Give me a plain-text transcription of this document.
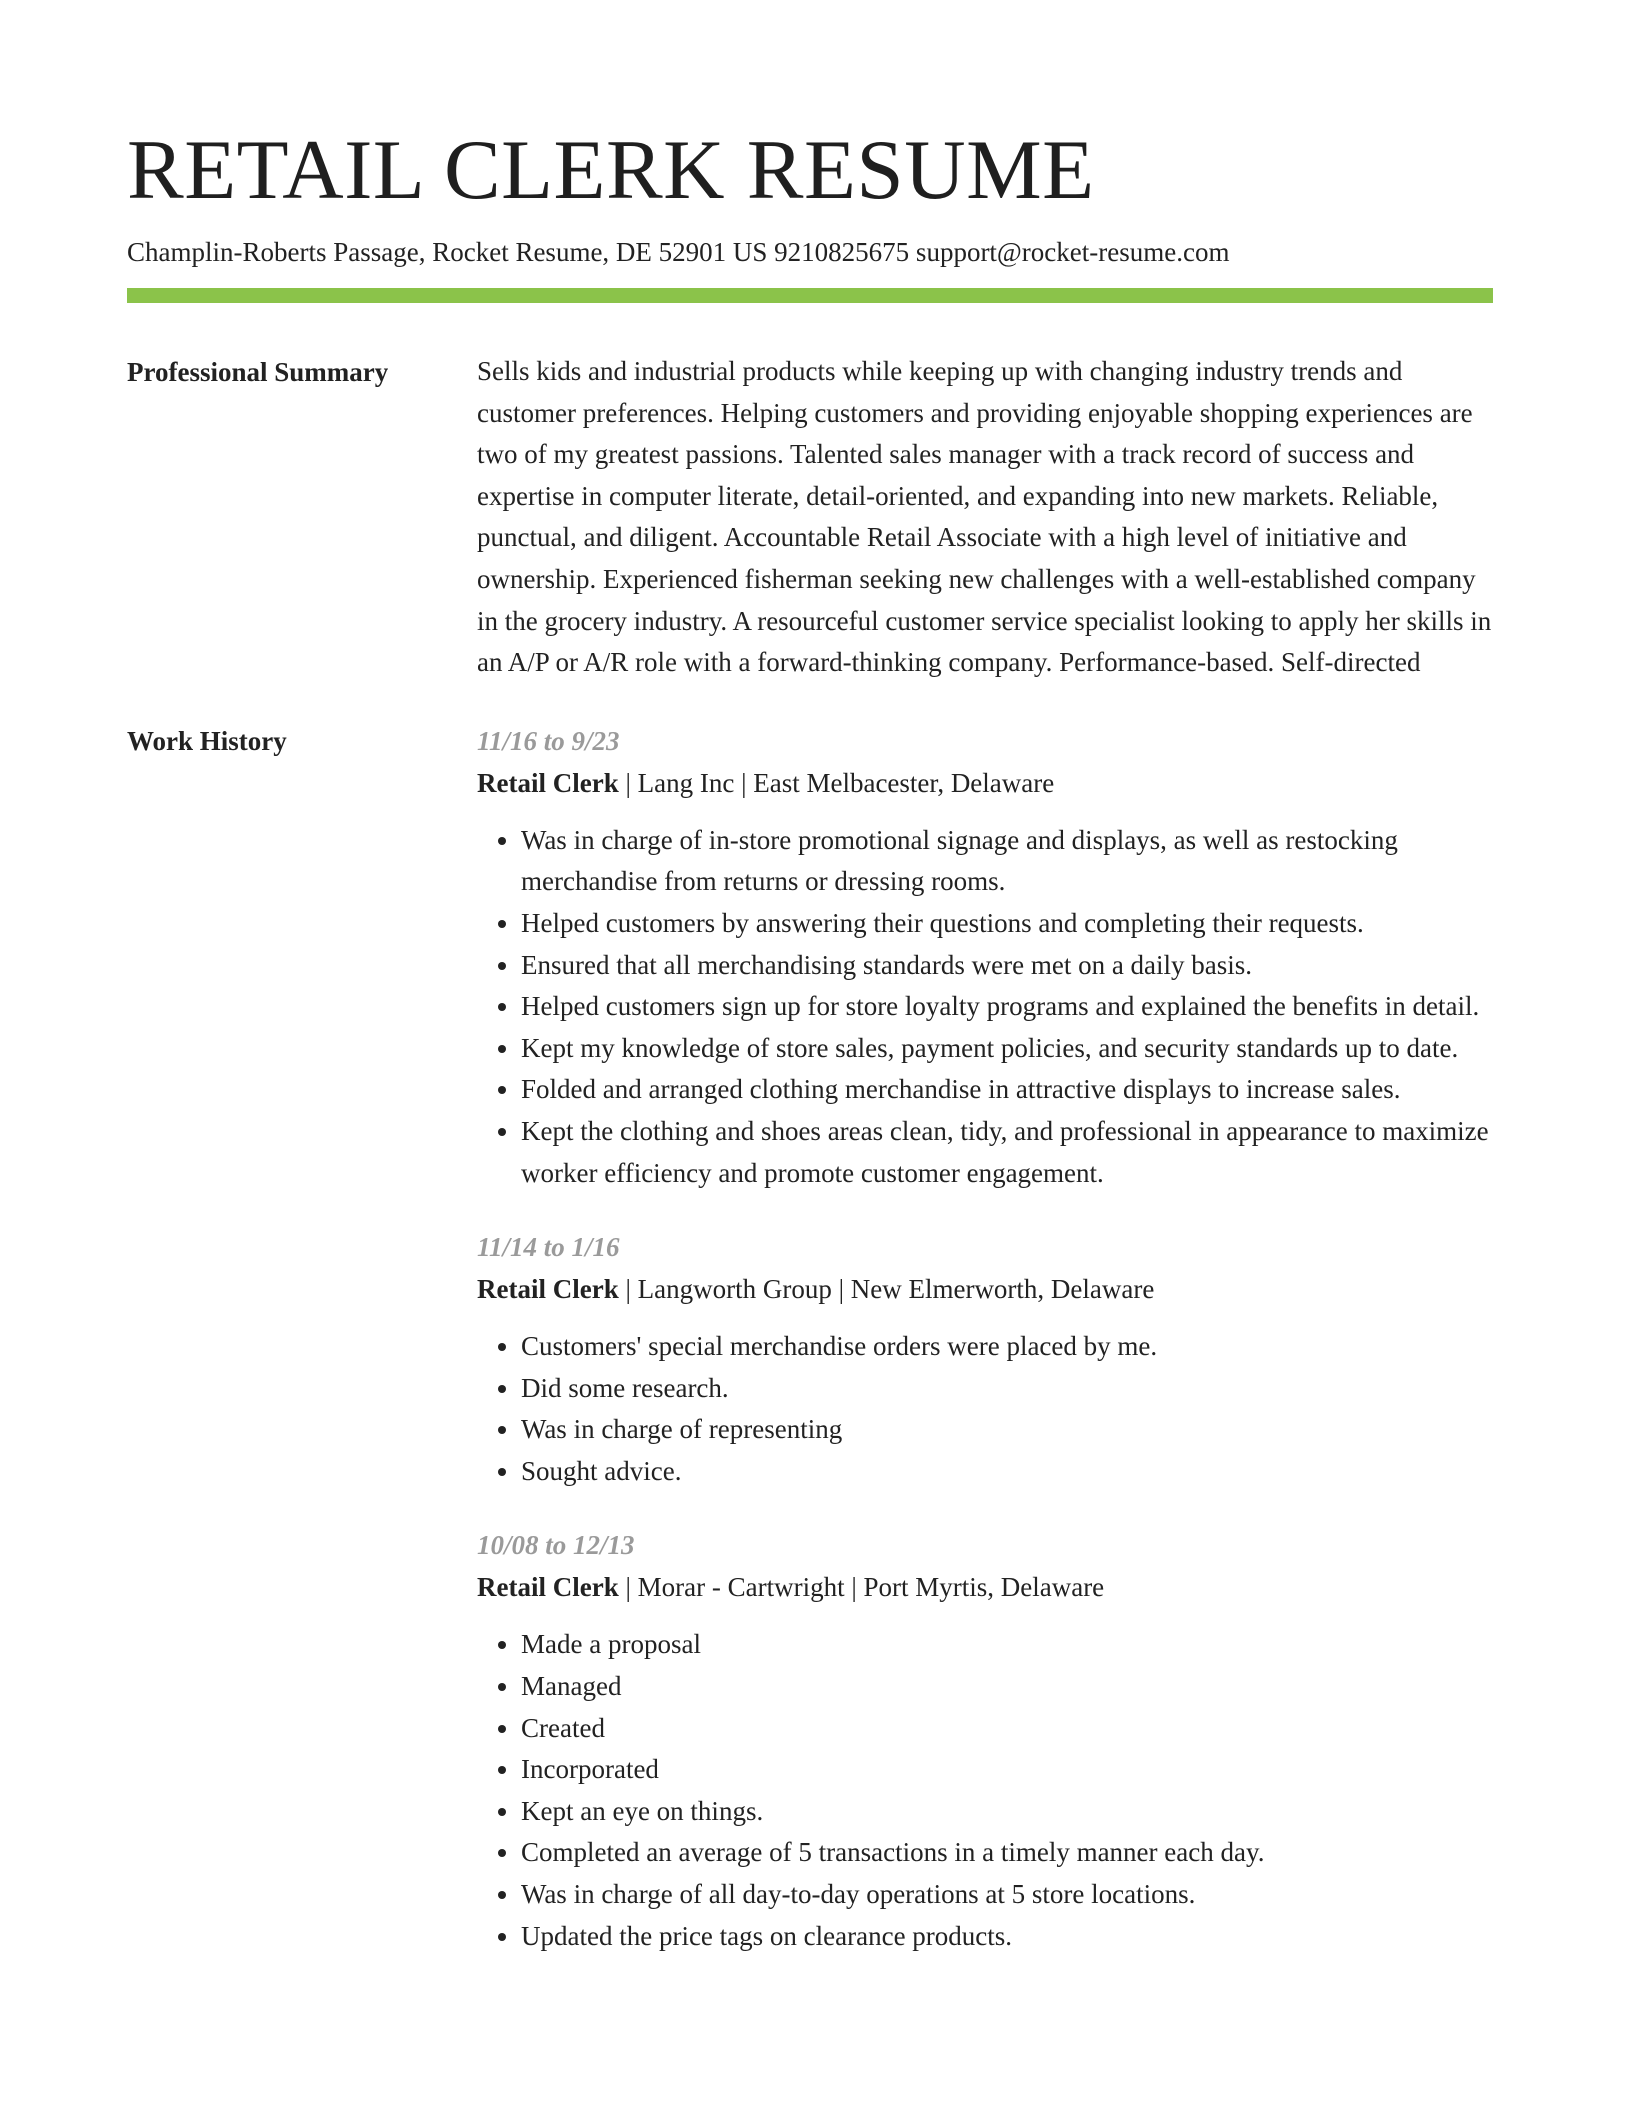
RETAIL CLERK RESUME
Champlin-Roberts Passage, Rocket Resume, DE 52901 US 9210825675 support@rocket-resume.com
Professional Summary	Sells kids and industrial products while keeping up with changing industry trends and customer preferences. Helping customers and providing enjoyable shopping experiences are two of my greatest passions. Talented sales manager with a track record of success and expertise in computer literate, detail-oriented, and expanding into new markets. Reliable, punctual, and diligent. Accountable Retail Associate with a high level of initiative and ownership. Experienced fisherman seeking new challenges with a well-established company in the grocery industry. A resourceful customer service specialist looking to apply her skills in an A/P or A/R role with a forward-thinking company. Performance-based. Self-directed

Work History	11/16 to 9/23
Retail Clerk | Lang Inc | East Melbacester, Delaware
• Was in charge of in-store promotional signage and displays, as well as restocking merchandise from returns or dressing rooms.
• Helped customers by answering their questions and completing their requests.
• Ensured that all merchandising standards were met on a daily basis.
• Helped customers sign up for store loyalty programs and explained the benefits in detail.
• Kept my knowledge of store sales, payment policies, and security standards up to date.
• Folded and arranged clothing merchandise in attractive displays to increase sales.
• Kept the clothing and shoes areas clean, tidy, and professional in appearance to maximize worker efficiency and promote customer engagement.
11/14 to 1/16
Retail Clerk | Langworth Group | New Elmerworth, Delaware
• Customers' special merchandise orders were placed by me.
• Did some research.
• Was in charge of representing
• Sought advice.
10/08 to 12/13
Retail Clerk | Morar - Cartwright | Port Myrtis, Delaware
• Made a proposal
• Managed
• Created
• Incorporated
• Kept an eye on things.
• Completed an average of 5 transactions in a timely manner each day.
• Was in charge of all day-to-day operations at 5 store locations.
• Updated the price tags on clearance products.
